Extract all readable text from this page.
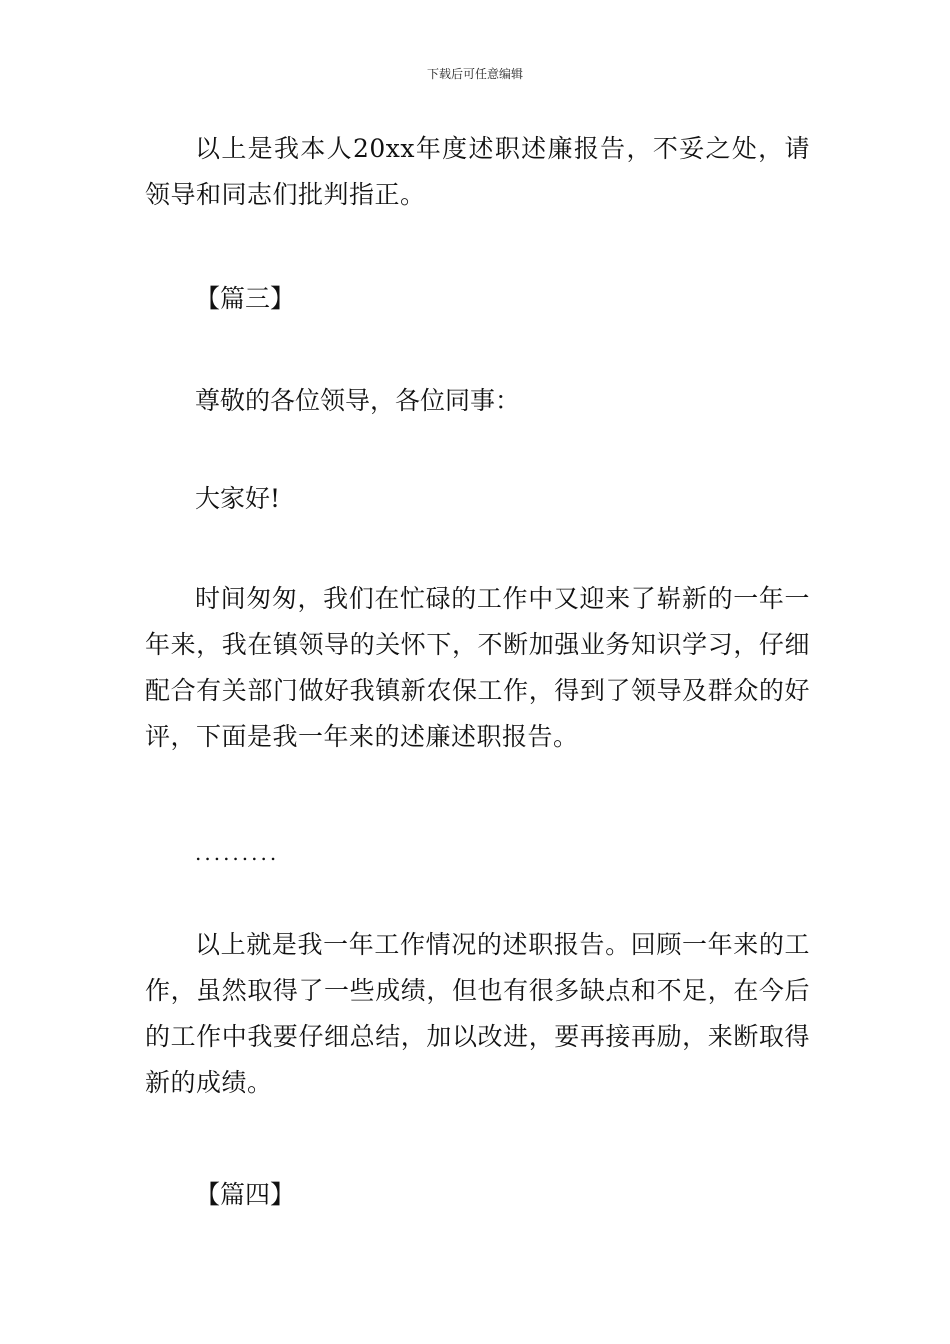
下载后可任意编辑

以上是我本人20xx年度述职述廉报告，不妥之处，请领导和同志们批判指正。

【篇三】

尊敬的各位领导，各位同事：

大家好!

时间匆匆，我们在忙碌的工作中又迎来了崭新的一年一年来，我在镇领导的关怀下，不断加强业务知识学习，仔细配合有关部门做好我镇新农保工作，得到了领导及群众的好评，下面是我一年来的述廉述职报告。

.........

以上就是我一年工作情况的述职报告。回顾一年来的工作，虽然取得了一些成绩，但也有很多缺点和不足，在今后的工作中我要仔细总结，加以改进，要再接再励，来断取得新的成绩。

【篇四】
